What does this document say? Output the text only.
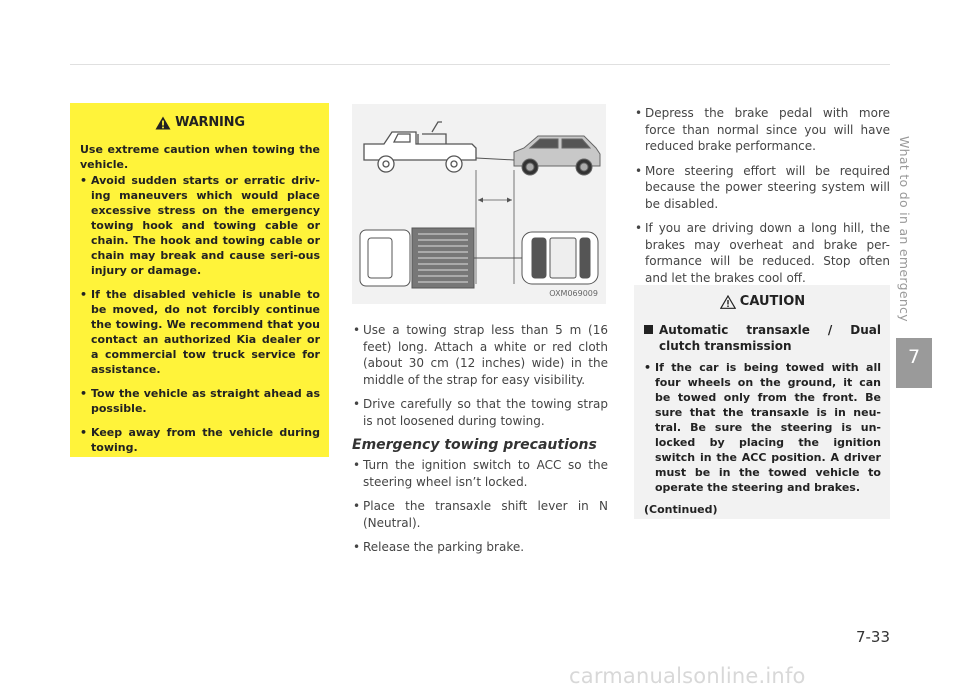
WARNING

Use extreme caution when towing the vehicle.

• Avoid sudden starts or erratic driv-ing maneuvers which would place excessive stress on the emergency towing hook and towing cable or chain. The hook and towing cable or chain may break and cause seri-ous injury or damage.
• If the disabled vehicle is unable to be moved, do not forcibly continue the towing. We recommend that you contact an authorized Kia dealer or a commercial tow truck service for assistance.
• Tow the vehicle as straight ahead as possible.
• Keep away from the vehicle during towing.
OXM069009

• Use a towing strap less than 5 m (16 feet) long. Attach a white or red cloth (about 30 cm (12 inches) wide) in the middle of the strap for easy visibility.

• Drive carefully so that the towing strap is not loosened during towing.

Emergency towing precautions

• Turn the ignition switch to ACC so the steering wheel isn’t locked.

• Place the transaxle shift lever in N (Neutral).

• Release the parking brake.

• Depress the brake pedal with more force than normal since you will have reduced brake performance.

• More steering effort will be required because the power steering system will be disabled.

• If you are driving down a long hill, the brakes may overheat and brake per-formance will be reduced. Stop often and let the brakes cool off.

CAUTION

Automatic transaxle / Dual clutch transmission

• If the car is being towed with all four wheels on the ground, it can be towed only from the front. Be sure that the transaxle is in neu-tral. Be sure the steering is un-locked by placing the ignition switch in the ACC position. A driver must be in the towed vehicle to operate the steering and brakes.

(Continued)

What to do in an emergency
7
7-33
carmanualsonline.info
